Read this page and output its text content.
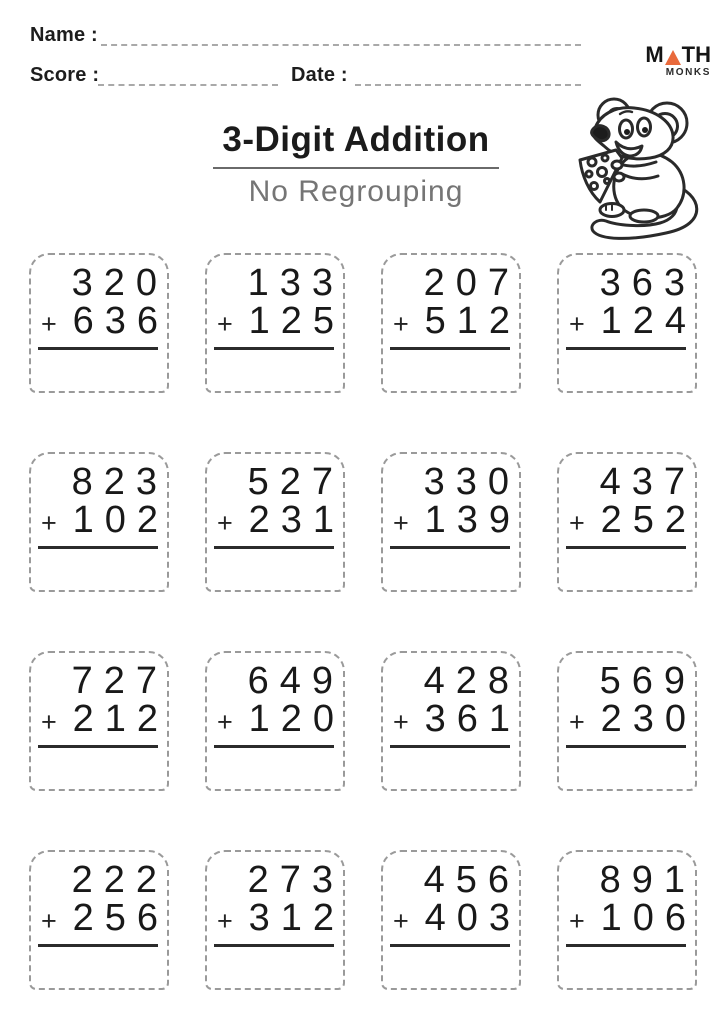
Name :
Score :	Date :
M TH
MONKS
3-Digit Addition
No Regrouping
320
+ 636
133
+ 125
207
+ 512
363
+ 124
823
+ 102
527
+ 231
330
+ 139
437
+ 252
727
+ 212
649
+ 120
428
+ 361
569
+ 230
222
+ 256
273
+ 312
456
+ 403
891
+ 106
